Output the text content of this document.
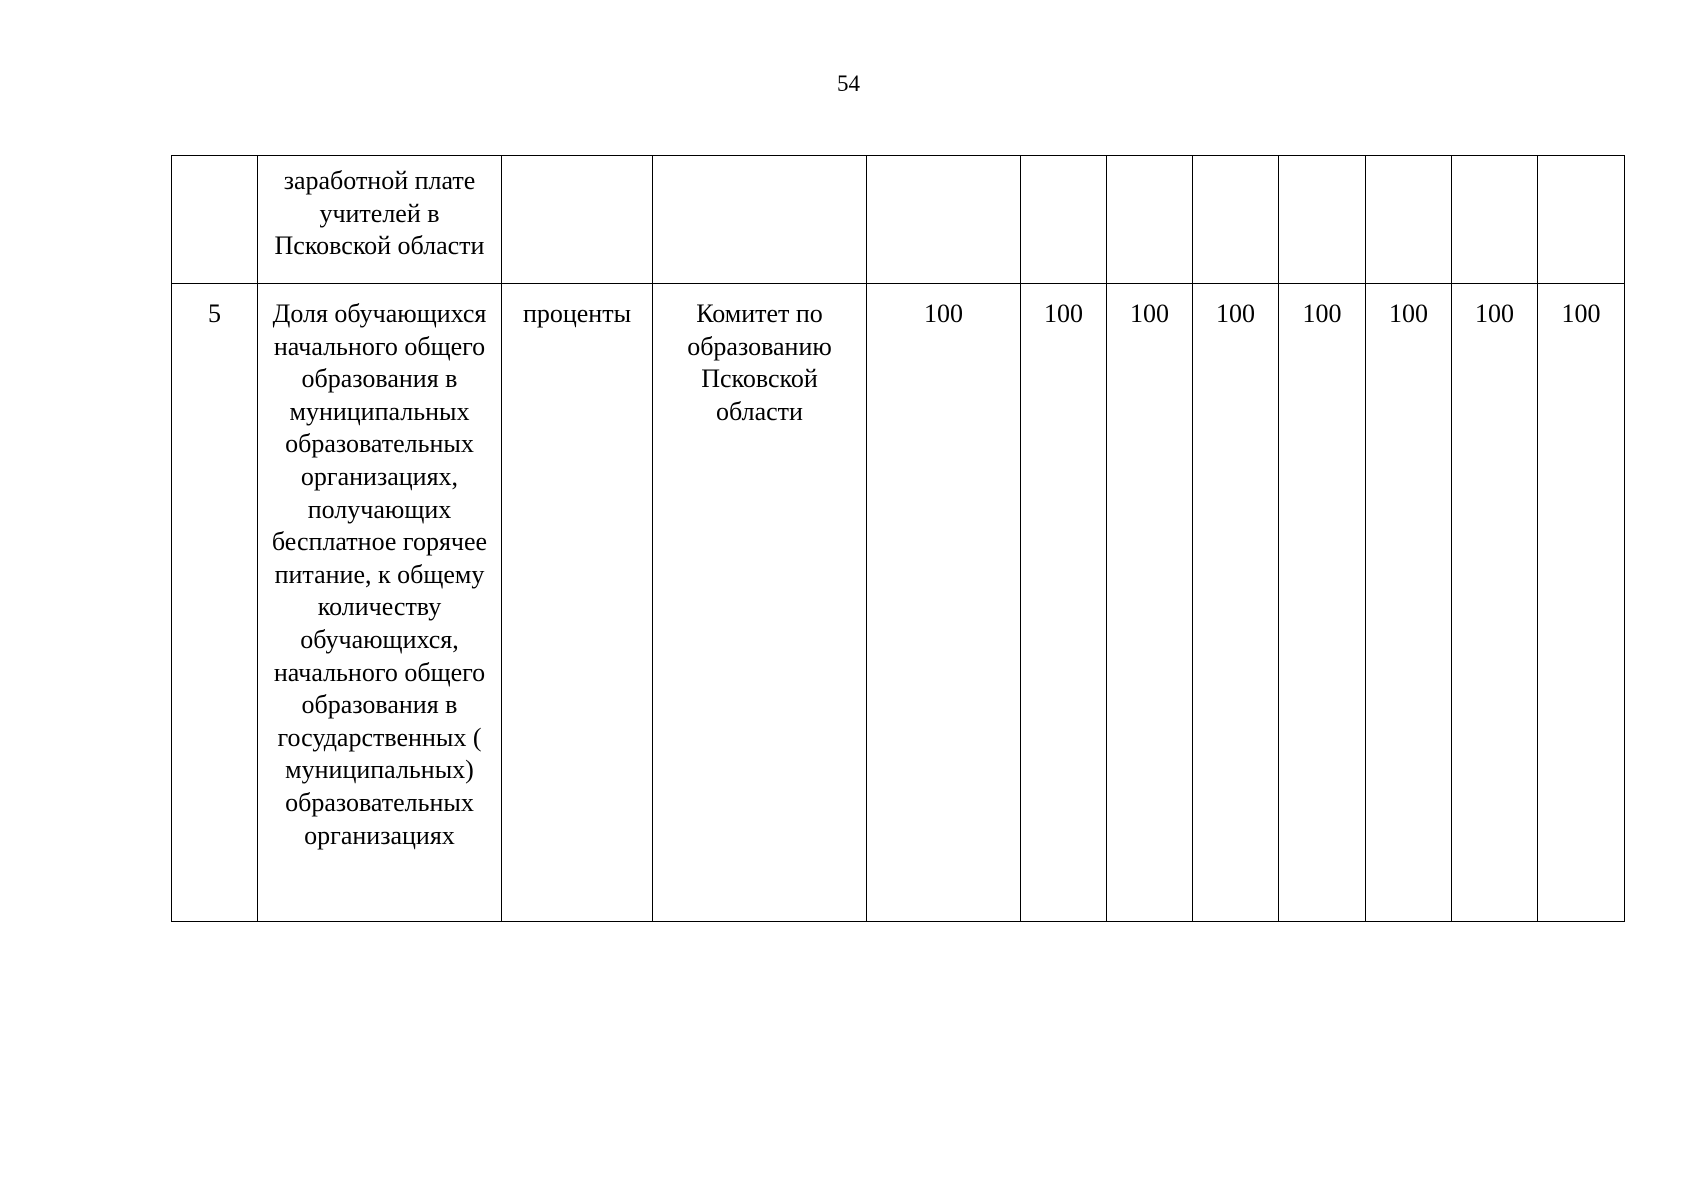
54

	заработной плате учителей в Псковской области										

5	Доля обучающихся начального общего образования в муниципальных образовательных организациях, получающих бесплатное горячее питание, к общему количеству обучающихся, начального общего образования в государственных ( муниципальных) образовательных организациях	проценты	Комитет по образованию Псковской области	100	100	100	100	100	100	100	100
